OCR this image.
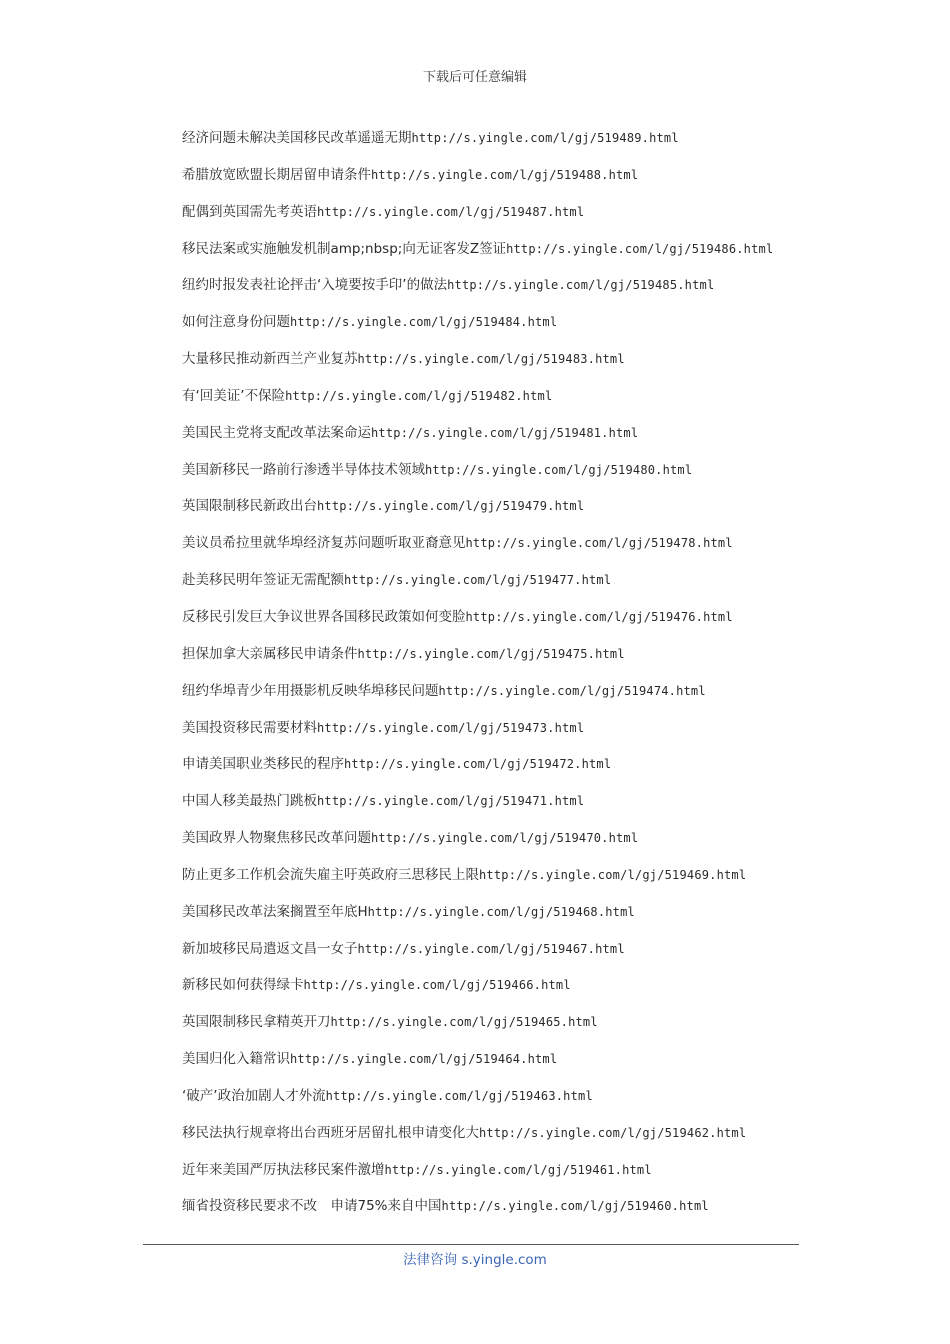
下载后可任意编辑
经济问题未解决美国移民改革遥遥无期http://s.yingle.com/l/gj/519489.html
希腊放宽欧盟长期居留申请条件http://s.yingle.com/l/gj/519488.html
配偶到英国需先考英语http://s.yingle.com/l/gj/519487.html
移民法案或实施触发机制amp;nbsp;向无证客发Z签证http://s.yingle.com/l/gj/519486.html
纽约时报发表社论抨击‘入境要按手印’的做法http://s.yingle.com/l/gj/519485.html
如何注意身份问题http://s.yingle.com/l/gj/519484.html
大量移民推动新西兰产业复苏http://s.yingle.com/l/gj/519483.html
有‘回美证’不保险http://s.yingle.com/l/gj/519482.html
美国民主党将支配改革法案命运http://s.yingle.com/l/gj/519481.html
美国新移民一路前行渗透半导体技术领域http://s.yingle.com/l/gj/519480.html
英国限制移民新政出台http://s.yingle.com/l/gj/519479.html
美议员希拉里就华埠经济复苏问题听取亚裔意见http://s.yingle.com/l/gj/519478.html
赴美移民明年签证无需配额http://s.yingle.com/l/gj/519477.html
反移民引发巨大争议世界各国移民政策如何变脸http://s.yingle.com/l/gj/519476.html
担保加拿大亲属移民申请条件http://s.yingle.com/l/gj/519475.html
纽约华埠青少年用摄影机反映华埠移民问题http://s.yingle.com/l/gj/519474.html
美国投资移民需要材料http://s.yingle.com/l/gj/519473.html
申请美国职业类移民的程序http://s.yingle.com/l/gj/519472.html
中国人移美最热门跳板http://s.yingle.com/l/gj/519471.html
美国政界人物聚焦移民改革问题http://s.yingle.com/l/gj/519470.html
防止更多工作机会流失雇主吁英政府三思移民上限http://s.yingle.com/l/gj/519469.html
美国移民改革法案搁置至年底Hhttp://s.yingle.com/l/gj/519468.html
新加坡移民局遣返文昌一女子http://s.yingle.com/l/gj/519467.html
新移民如何获得绿卡http://s.yingle.com/l/gj/519466.html
英国限制移民拿精英开刀http://s.yingle.com/l/gj/519465.html
美国归化入籍常识http://s.yingle.com/l/gj/519464.html
‘破产’政治加剧人才外流http://s.yingle.com/l/gj/519463.html
移民法执行规章将出台西班牙居留扎根申请变化大http://s.yingle.com/l/gj/519462.html
近年来美国严厉执法移民案件激增http://s.yingle.com/l/gj/519461.html
缅省投资移民要求不改　申请75%来自中国http://s.yingle.com/l/gj/519460.html
法律咨询 s.yingle.com
